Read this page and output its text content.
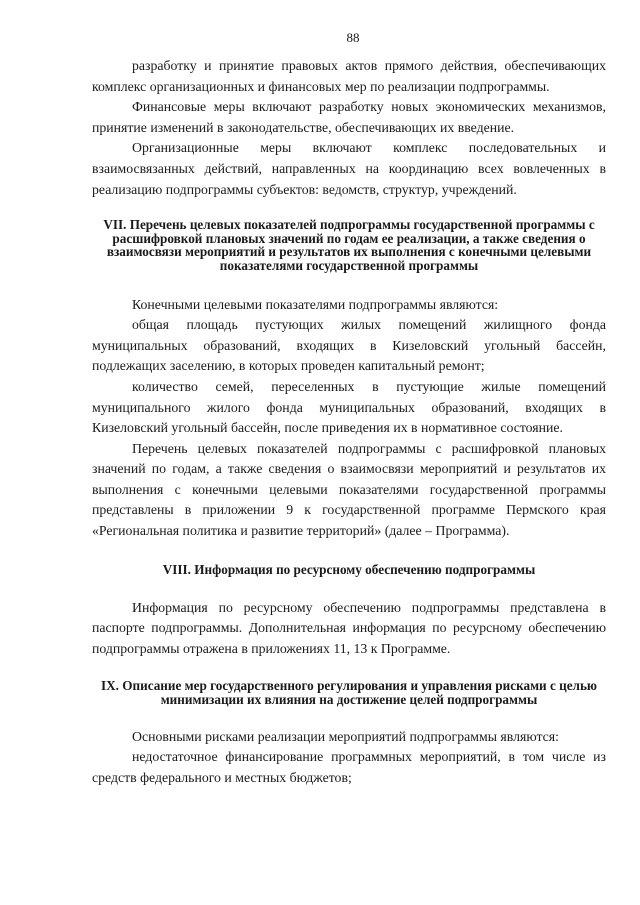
88

разработку и принятие правовых актов прямого действия, обеспечивающих комплекс организационных и финансовых мер по реализации подпрограммы.

Финансовые меры включают разработку новых экономических механизмов, принятие изменений в законодательстве, обеспечивающих их введение.

Организационные меры включают комплекс последовательных и взаимосвязанных действий, направленных на координацию всех вовлеченных в реализацию подпрограммы субъектов: ведомств, структур, учреждений.

VII. Перечень целевых показателей подпрограммы государственной программы с расшифровкой плановых значений по годам ее реализации, а также сведения о взаимосвязи мероприятий и результатов их выполнения с конечными целевыми показателями государственной программы

Конечными целевыми показателями подпрограммы являются:

общая площадь пустующих жилых помещений жилищного фонда муниципальных образований, входящих в Кизеловский угольный бассейн, подлежащих заселению, в которых проведен капитальный ремонт;

количество семей, переселенных в пустующие жилые помещений муниципального жилого фонда муниципальных образований, входящих в Кизеловский угольный бассейн, после приведения их в нормативное состояние.

Перечень целевых показателей подпрограммы с расшифровкой плановых значений по годам, а также сведения о взаимосвязи мероприятий и результатов их выполнения с конечными целевыми показателями государственной программы представлены в приложении 9 к государственной программе Пермского края «Региональная политика и развитие территорий» (далее – Программа).

VIII. Информация по ресурсному обеспечению подпрограммы

Информация по ресурсному обеспечению подпрограммы представлена в паспорте подпрограммы. Дополнительная информация по ресурсному обеспечению подпрограммы отражена в приложениях 11, 13 к Программе.

IX. Описание мер государственного регулирования и управления рисками с целью минимизации их влияния на достижение целей подпрограммы

Основными рисками реализации мероприятий подпрограммы являются:

недостаточное финансирование программных мероприятий, в том числе из средств федерального и местных бюджетов;
